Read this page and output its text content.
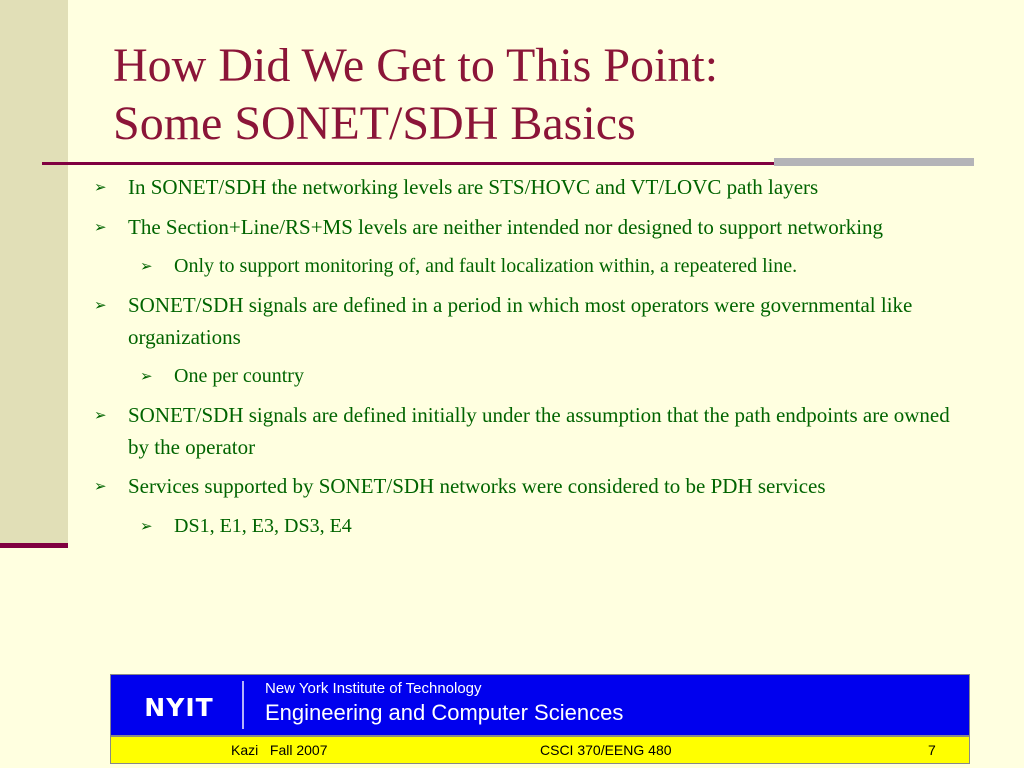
How Did We Get to This Point:
Some SONET/SDH Basics
➢ In SONET/SDH the networking levels are STS/HOVC and VT/LOVC path layers
➢ The Section+Line/RS+MS levels are neither intended nor designed to support networking
➢ Only to support monitoring of, and fault localization within, a repeatered line.
➢ SONET/SDH signals are defined in a period in which most operators were governmental like organizations
➢ One per country
➢ SONET/SDH signals are defined initially under the assumption that the path endpoints are owned by the operator
➢ Services supported by SONET/SDH networks were considered to be PDH services
➢ DS1, E1, E3, DS3, E4
NYIT
New York Institute of Technology
Engineering and Computer Sciences
Kazi   Fall 2007	CSCI 370/EENG 480	7
